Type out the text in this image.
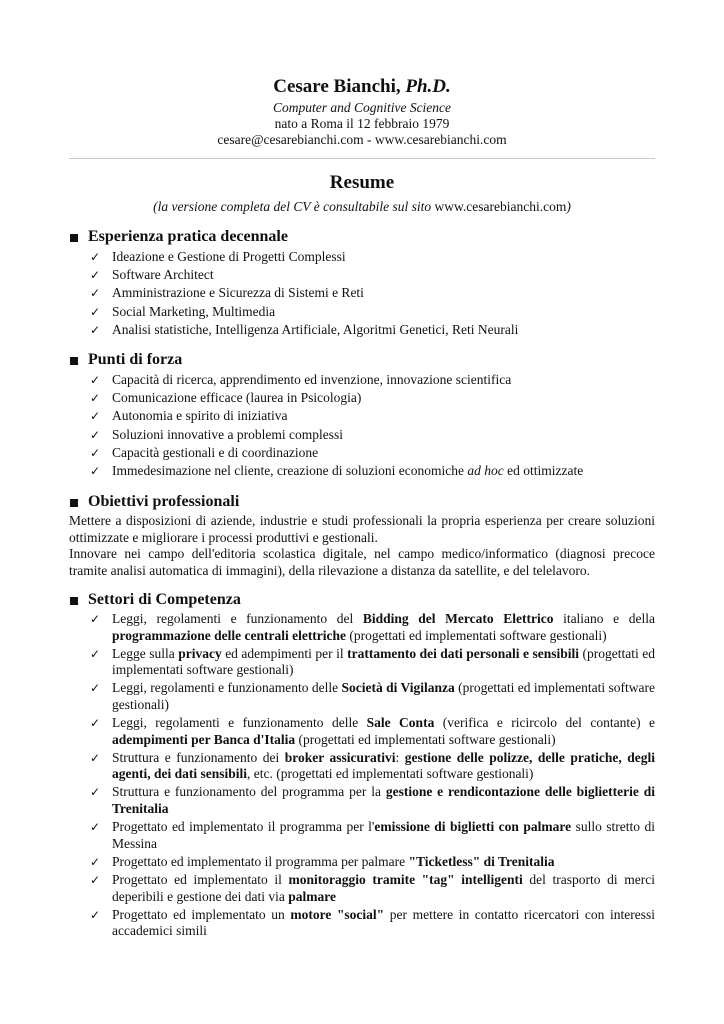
Cesare Bianchi, Ph.D.
Computer and Cognitive Science
nato a Roma il 12 febbraio 1979
cesare@cesarebianchi.com - www.cesarebianchi.com
Resume
(la versione completa del CV è consultabile sul sito www.cesarebianchi.com)
Esperienza pratica decennale
✓ Ideazione e Gestione di Progetti Complessi
✓ Software Architect
✓ Amministrazione e Sicurezza di Sistemi e Reti
✓ Social Marketing, Multimedia
✓ Analisi statistiche, Intelligenza Artificiale, Algoritmi Genetici, Reti Neurali
Punti di forza
✓ Capacità di ricerca, apprendimento ed invenzione, innovazione scientifica
✓ Comunicazione efficace (laurea in Psicologia)
✓ Autonomia e spirito di iniziativa
✓ Soluzioni innovative a problemi complessi
✓ Capacità gestionali e di coordinazione
✓ Immedesimazione nel cliente, creazione di soluzioni economiche ad hoc ed ottimizzate
Obiettivi professionali
Mettere a disposizioni di aziende, industrie e studi professionali la propria esperienza per creare soluzioni ottimizzate e migliorare i processi produttivi e gestionali.
Innovare nei campo dell'editoria scolastica digitale, nel campo medico/informatico (diagnosi precoce tramite analisi automatica di immagini), della rilevazione a distanza da satellite, e del telelavoro.
Settori di Competenza
✓ Leggi, regolamenti e funzionamento del Bidding del Mercato Elettrico italiano e della programmazione delle centrali elettriche (progettati ed implementati software gestionali)
✓ Legge sulla privacy ed adempimenti per il trattamento dei dati personali e sensibili (progettati ed implementati software gestionali)
✓ Leggi, regolamenti e funzionamento delle Società di Vigilanza (progettati ed implementati software gestionali)
✓ Leggi, regolamenti e funzionamento delle Sale Conta (verifica e ricircolo del contante) e adempimenti per Banca d'Italia (progettati ed implementati software gestionali)
✓ Struttura e funzionamento dei broker assicurativi: gestione delle polizze, delle pratiche, degli agenti, dei dati sensibili, etc. (progettati ed implementati software gestionali)
✓ Struttura e funzionamento del programma per la gestione e rendicontazione delle biglietterie di Trenitalia
✓ Progettato ed implementato il programma per l'emissione di biglietti con palmare sullo stretto di Messina
✓ Progettato ed implementato il programma per palmare "Ticketless" di Trenitalia
✓ Progettato ed implementato il monitoraggio tramite "tag" intelligenti del trasporto di merci deperibili e gestione dei dati via palmare
✓ Progettato ed implementato un motore "social" per mettere in contatto ricercatori con interessi accademici simili
